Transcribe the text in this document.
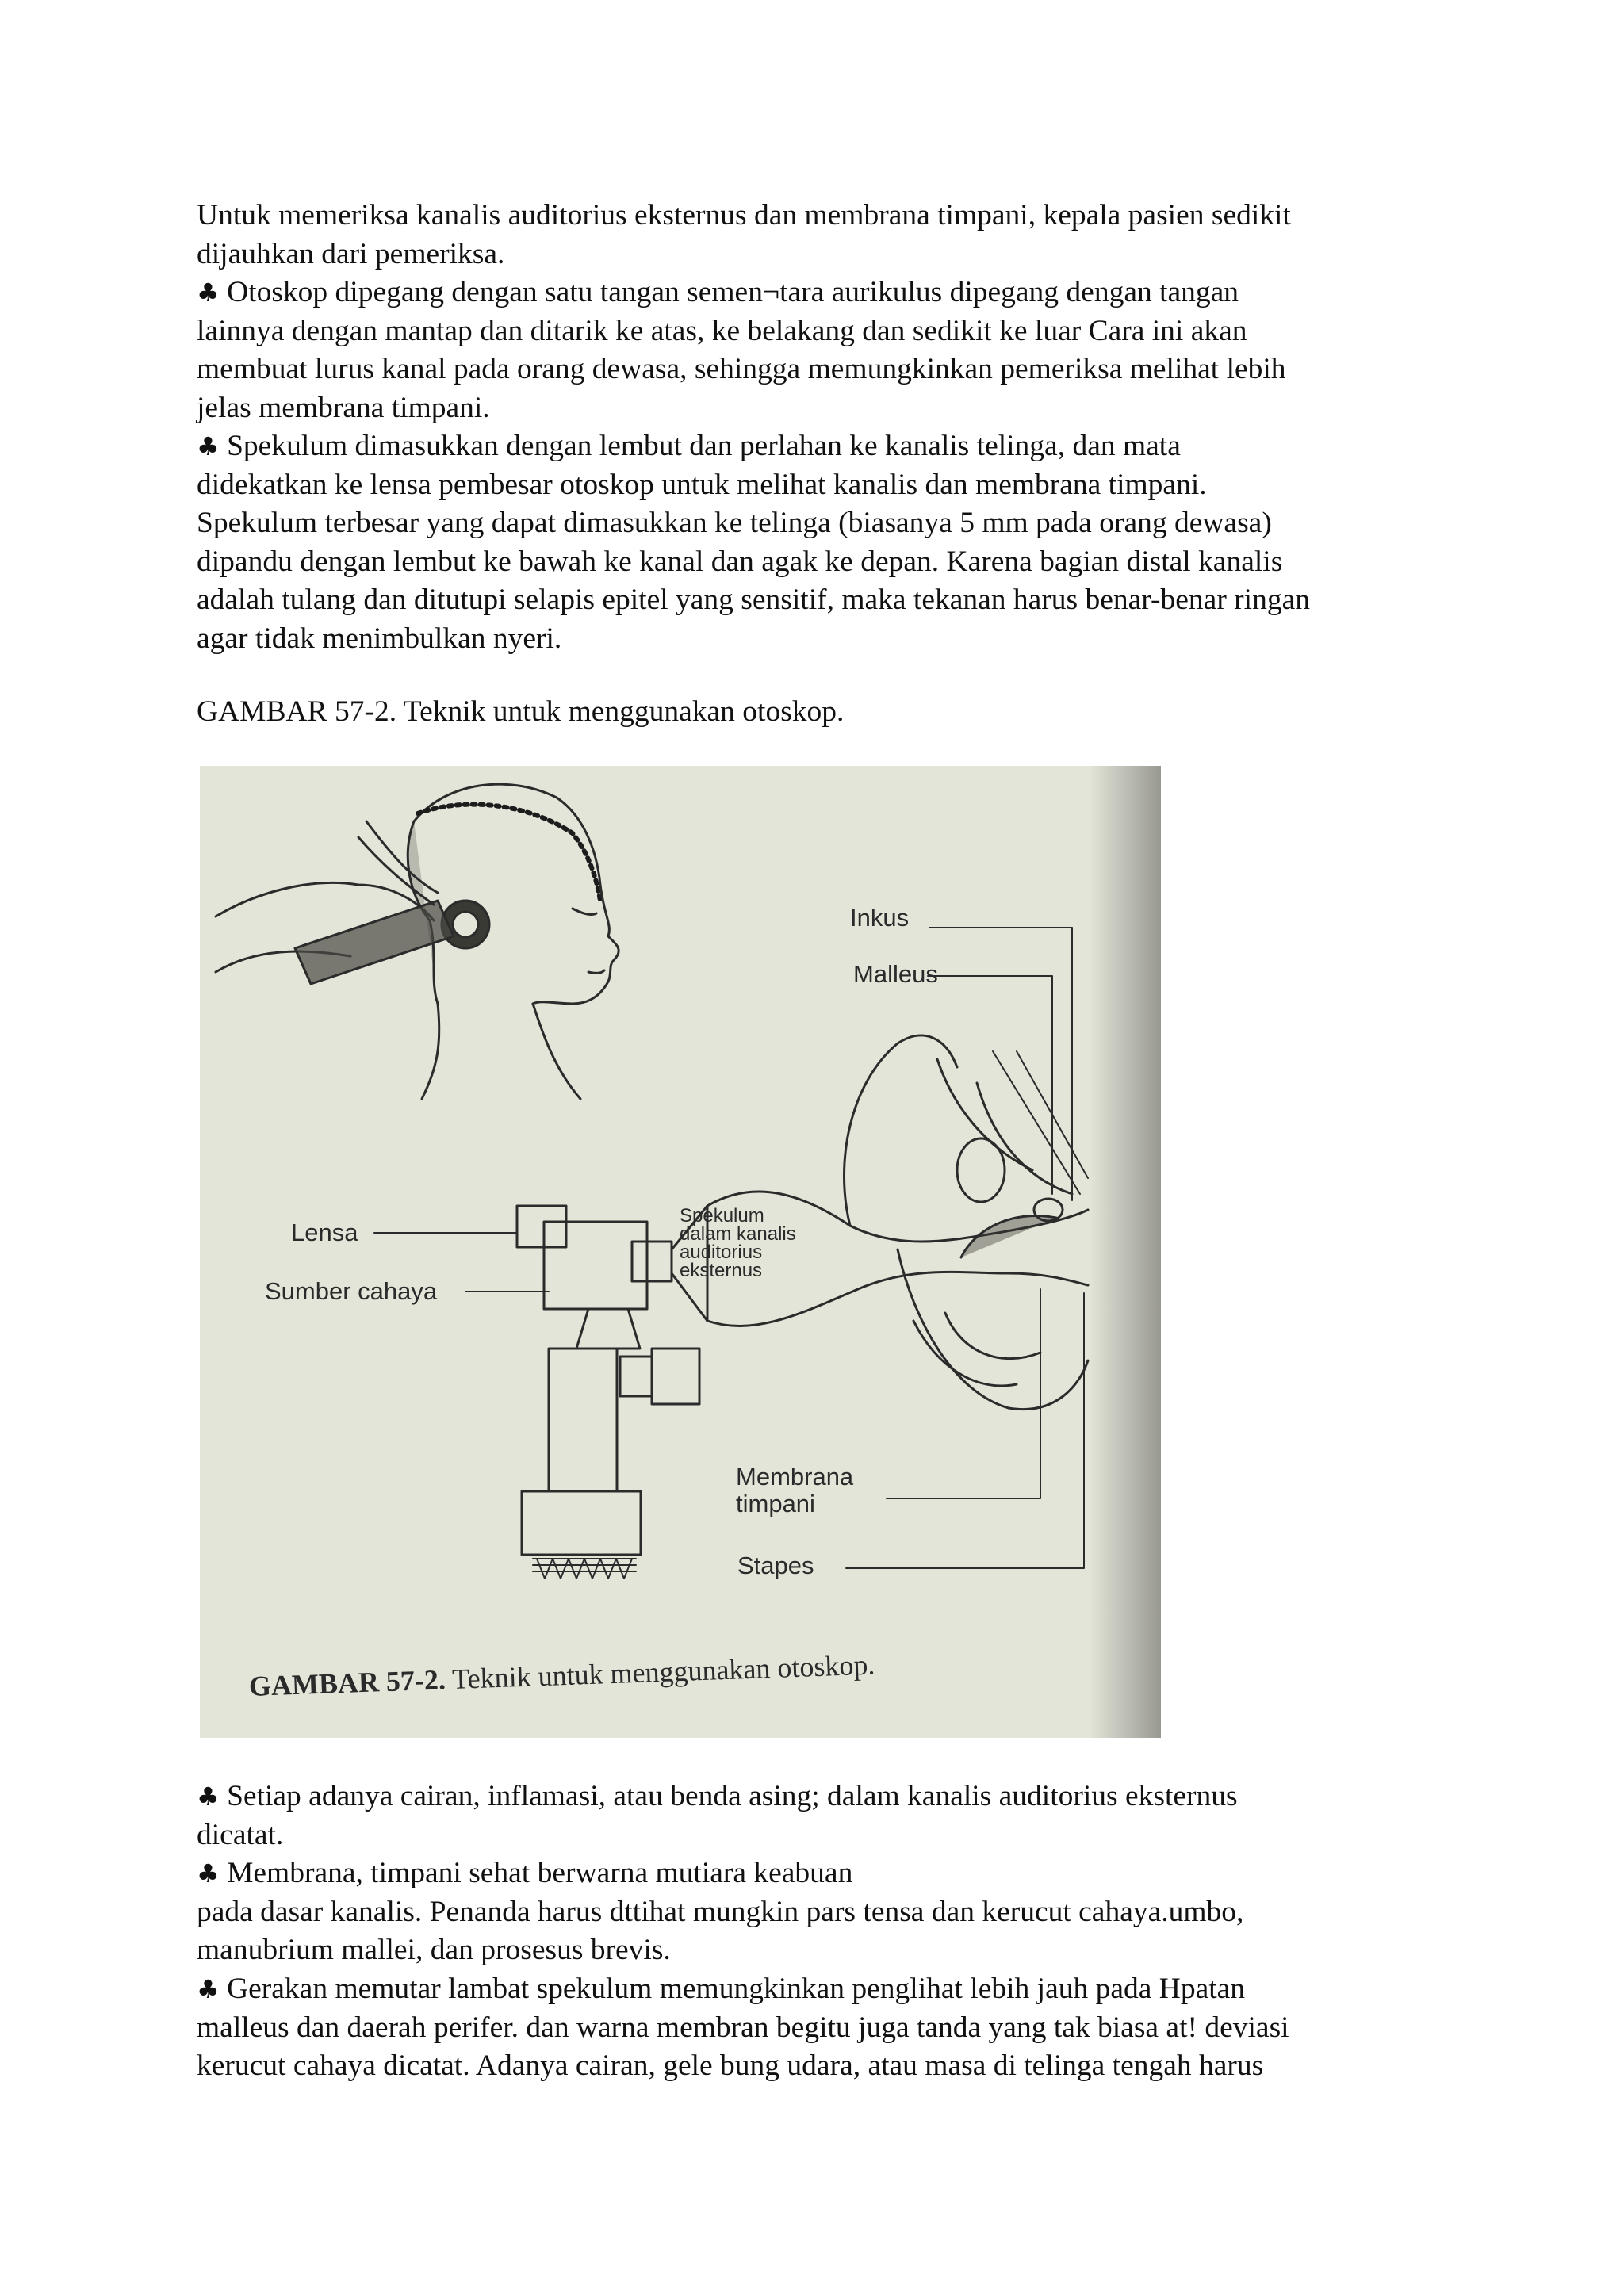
Untuk memeriksa kanalis auditorius eksternus dan membrana timpani, kepala pasien sedikit
dijauhkan dari pemeriksa.
♣ Otoskop dipegang dengan satu tangan semen¬tara aurikulus dipegang dengan tangan
lainnya dengan mantap dan ditarik ke atas, ke belakang dan sedikit ke luar Cara ini akan
membuat lurus kanal pada orang dewasa, sehingga memungkinkan pemeriksa melihat lebih
jelas membrana timpani.
♣ Spekulum dimasukkan dengan lembut dan perlahan ke kanalis telinga, dan mata
didekatkan ke lensa pembesar otoskop untuk melihat kanalis dan membrana timpani.
Spekulum terbesar yang dapat dimasukkan ke telinga (biasanya 5 mm pada orang dewasa)
dipandu dengan lembut ke bawah ke kanal dan agak ke depan. Karena bagian distal kanalis
adalah tulang dan ditutupi selapis epitel yang sensitif, maka tekanan harus benar-benar ringan
agar tidak menimbulkan nyeri.
GAMBAR 57-2. Teknik untuk menggunakan otoskop.
Inkus
Malleus
Lensa
Sumber cahaya
Spekulum
dalam kanalis
auditorius
eksternus
Membrana
timpani
Stapes
GAMBAR 57-2. Teknik untuk menggunakan otoskop.
♣ Setiap adanya cairan, inflamasi, atau benda asing; dalam kanalis auditorius eksternus
dicatat.
♣ Membrana, timpani sehat berwarna mutiara keabuan
pada dasar kanalis. Penanda harus dttihat mungkin pars tensa dan kerucut cahaya.umbo,
manubrium mallei, dan prosesus brevis.
♣ Gerakan memutar lambat spekulum memungkinkan penglihat lebih jauh pada Hpatan
malleus dan daerah perifer. dan warna membran begitu juga tanda yang tak biasa at! deviasi
kerucut cahaya dicatat. Adanya cairan, gele bung udara, atau masa di telinga tengah harus
